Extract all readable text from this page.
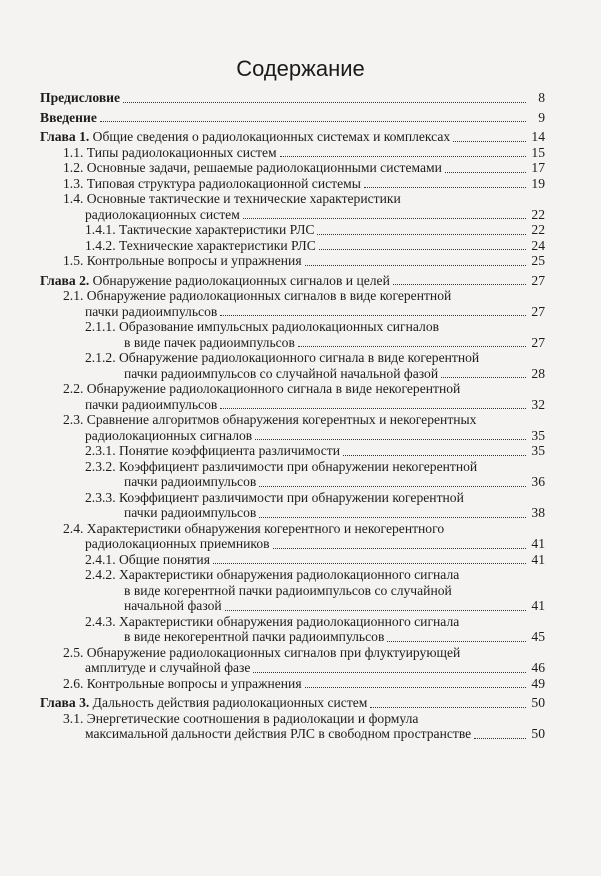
Содержание
Предисловие	8
Введение	9
Глава 1. Общие сведения о радиолокационных системах и комплексах	14
1.1. Типы радиолокационных систем	15
1.2. Основные задачи, решаемые радиолокационными системами	17
1.3. Типовая структура радиолокационной системы	19
1.4. Основные тактические и технические характеристики
радиолокационных систем	22
1.4.1. Тактические характеристики РЛС	22
1.4.2. Технические характеристики РЛС	24
1.5. Контрольные вопросы и упражнения	25
Глава 2. Обнаружение радиолокационных сигналов и целей	27
2.1. Обнаружение радиолокационных сигналов в виде когерентной
пачки радиоимпульсов	27
2.1.1. Образование импульсных радиолокационных сигналов
в виде пачек радиоимпульсов	27
2.1.2. Обнаружение радиолокационного сигнала в виде когерентной
пачки радиоимпульсов со случайной начальной фазой	28
2.2. Обнаружение радиолокационного сигнала в виде некогерентной
пачки радиоимпульсов	32
2.3. Сравнение алгоритмов обнаружения когерентных и некогерентных
радиолокационных сигналов	35
2.3.1. Понятие коэффициента различимости	35
2.3.2. Коэффициент различимости при обнаружении некогерентной
пачки радиоимпульсов	36
2.3.3. Коэффициент различимости при обнаружении когерентной
пачки радиоимпульсов	38
2.4. Характеристики обнаружения когерентного и некогерентного
радиолокационных приемников	41
2.4.1. Общие понятия	41
2.4.2. Характеристики обнаружения радиолокационного сигнала
в виде когерентной пачки радиоимпульсов со случайной
начальной фазой	41
2.4.3. Характеристики обнаружения радиолокационного сигнала
в виде некогерентной пачки радиоимпульсов	45
2.5. Обнаружение радиолокационных сигналов при флуктуирующей
амплитуде и случайной фазе	46
2.6. Контрольные вопросы и упражнения	49
Глава 3. Дальность действия радиолокационных систем	50
3.1. Энергетические соотношения в радиолокации и формула
максимальной дальности действия РЛС в свободном пространстве	50
